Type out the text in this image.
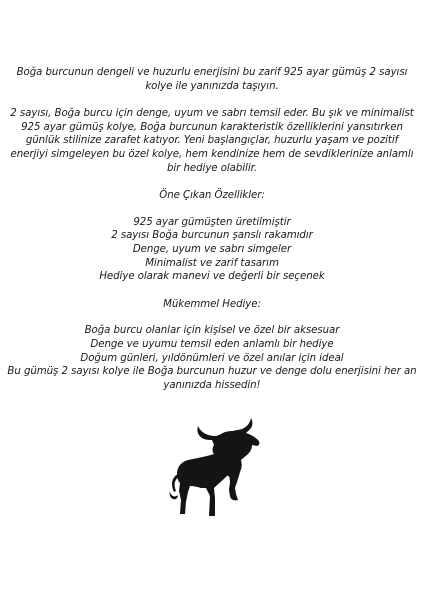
Boğa burcunun dengeli ve huzurlu enerjisini bu zarif 925 ayar gümüş 2 sayısı kolye ile yanınızda taşıyın.

2 sayısı, Boğa burcu için denge, uyum ve sabrı temsil eder. Bu şık ve minimalist 925 ayar gümüş kolye, Boğa burcunun karakteristik özelliklerini yansıtırken günlük stilinize zarafet katıyor. Yeni başlangıçlar, huzurlu yaşam ve pozitif enerjiyi simgeleyen bu özel kolye, hem kendinize hem de sevdiklerinize anlamlı bir hediye olabilir.

Öne Çıkan Özellikler:

925 ayar gümüşten üretilmiştir

2 sayısı Boğa burcunun şanslı rakamıdır

Denge, uyum ve sabrı simgeler

Minimalist ve zarif tasarım

Hediye olarak manevi ve değerli bir seçenek

Mükemmel Hediye:

Boğa burcu olanlar için kişisel ve özel bir aksesuar

Denge ve uyumu temsil eden anlamlı bir hediye

Doğum günleri, yıldönümleri ve özel anılar için ideal

Bu gümüş 2 sayısı kolye ile Boğa burcunun huzur ve denge dolu enerjisini her an yanınızda hissedin!
